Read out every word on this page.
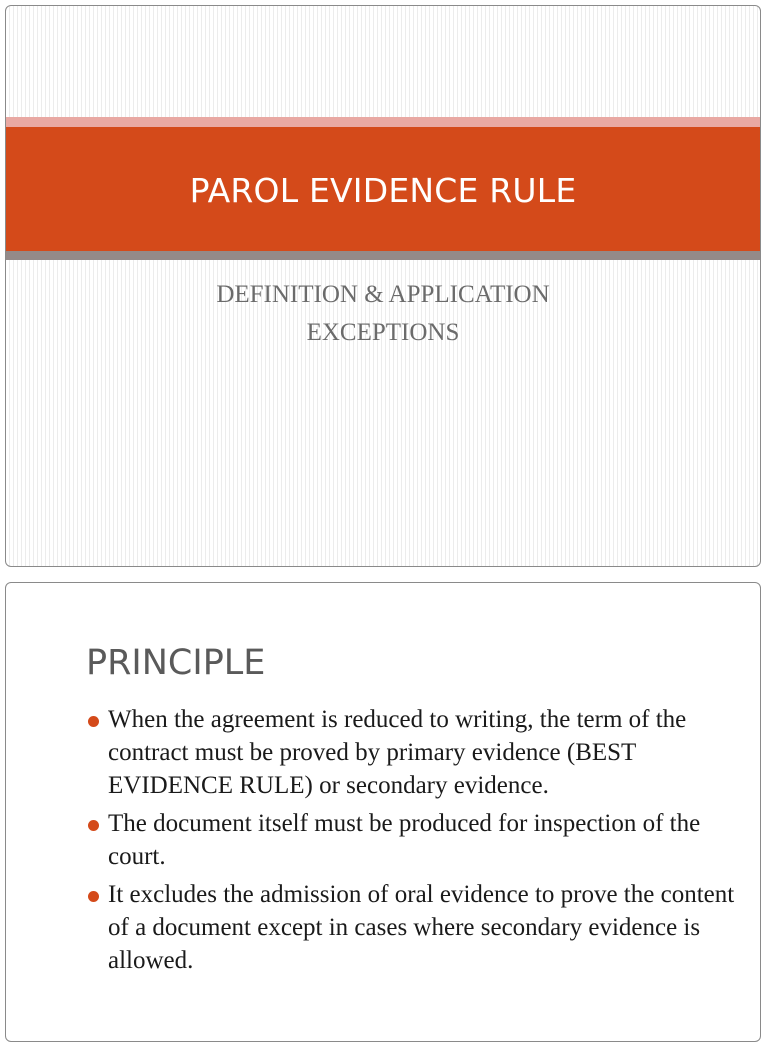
PAROL EVIDENCE RULE
DEFINITION & APPLICATION
EXCEPTIONS
PRINCIPLE
When the agreement is reduced to writing, the term of the contract must be proved by primary evidence (BEST EVIDENCE RULE) or secondary evidence.
The document itself must be produced for inspection of the court.
It excludes the admission of oral evidence to prove the content of a document except in cases where secondary evidence is allowed.
